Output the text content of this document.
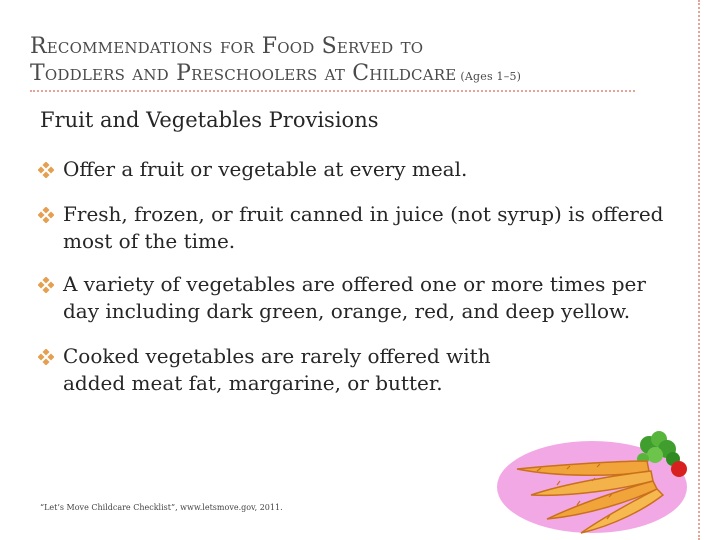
Recommendations for Food Served to
Toddlers and Preschoolers at Childcare (Ages 1–5)
Fruit and Vegetables Provisions
Offer a fruit or vegetable at every meal.
Fresh, frozen, or fruit canned in juice (not syrup) is offered most of the time.
A variety of vegetables are offered one or more times per day including dark green, orange, red, and deep yellow.
Cooked vegetables are rarely offered with added meat fat, margarine, or butter.
“Let’s Move Childcare Checklist”, www.letsmove.gov, 2011.
